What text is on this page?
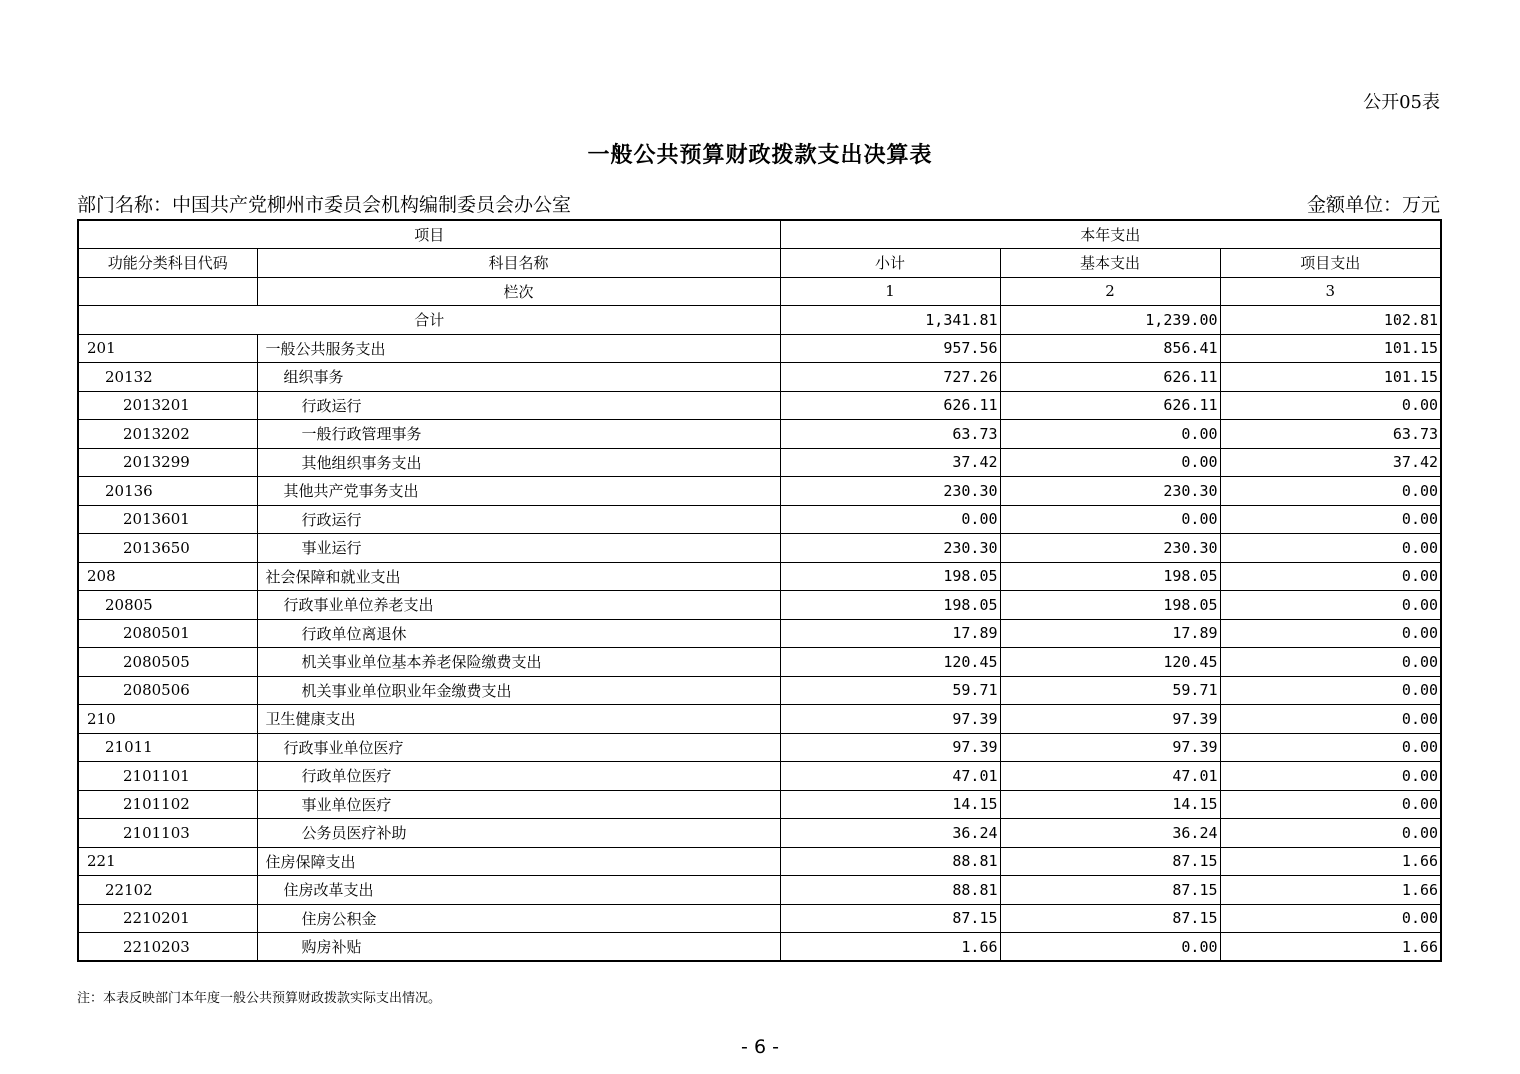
公开05表
一般公共预算财政拨款支出决算表
部门名称：中国共产党柳州市委员会机构编制委员会办公室	金额单位：万元
项目		本年支出		
功能分类科目代码	科目名称	小计	基本支出	项目支出
	栏次	1	2	3
合计		1,341.81	1,239.00	102.81
201	一般公共服务支出	957.56	856.41	101.15
20132	组织事务	727.26	626.11	101.15
2013201	行政运行	626.11	626.11	0.00
2013202	一般行政管理事务	63.73	0.00	63.73
2013299	其他组织事务支出	37.42	0.00	37.42
20136	其他共产党事务支出	230.30	230.30	0.00
2013601	行政运行	0.00	0.00	0.00
2013650	事业运行	230.30	230.30	0.00
208	社会保障和就业支出	198.05	198.05	0.00
20805	行政事业单位养老支出	198.05	198.05	0.00
2080501	行政单位离退休	17.89	17.89	0.00
2080505	机关事业单位基本养老保险缴费支出	120.45	120.45	0.00
2080506	机关事业单位职业年金缴费支出	59.71	59.71	0.00
210	卫生健康支出	97.39	97.39	0.00
21011	行政事业单位医疗	97.39	97.39	0.00
2101101	行政单位医疗	47.01	47.01	0.00
2101102	事业单位医疗	14.15	14.15	0.00
2101103	公务员医疗补助	36.24	36.24	0.00
221	住房保障支出	88.81	87.15	1.66
22102	住房改革支出	88.81	87.15	1.66
2210201	住房公积金	87.15	87.15	0.00
2210203	购房补贴	1.66	0.00	1.66
注：本表反映部门本年度一般公共预算财政拨款实际支出情况。
- 6 -
